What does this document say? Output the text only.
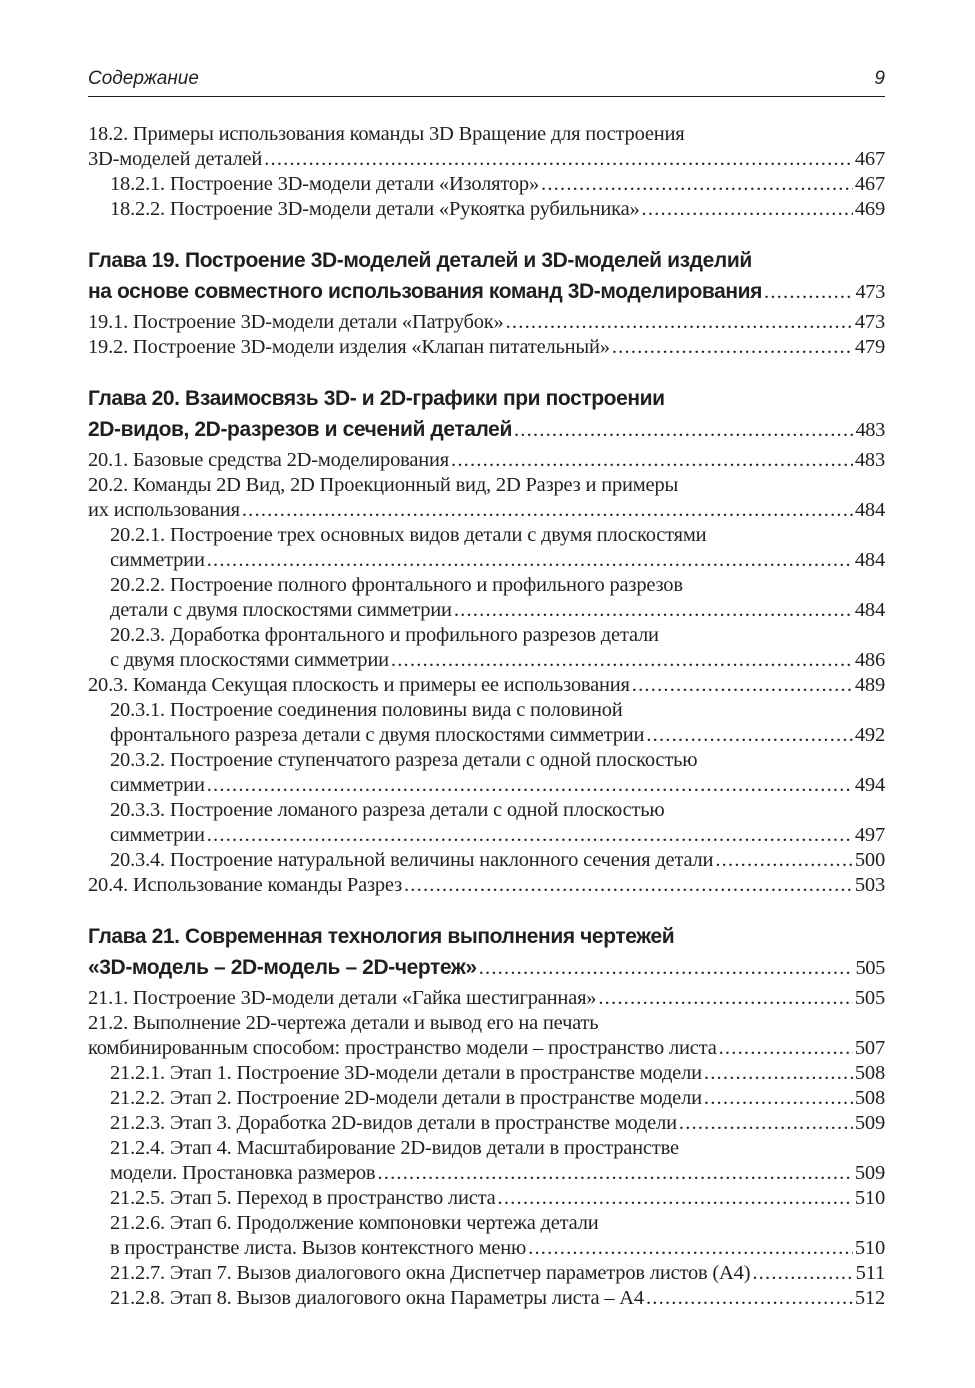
Содержание	9
18.2. Примеры использования команды 3D Вращение для построения
3D-моделей деталей .....	467
18.2.1. Построение 3D-модели детали «Изолятор» .....	467
18.2.2. Построение 3D-модели детали «Рукоятка рубильника» .....	469
Глава 19. Построение 3D-моделей деталей и 3D-моделей изделий
на основе совместного использования команд 3D-моделирования .....	473
19.1. Построение 3D-модели детали «Патрубок» .....	473
19.2. Построение 3D-модели изделия «Клапан питательный» .....	479
Глава 20. Взаимосвязь 3D- и 2D-графики при построении
2D-видов, 2D-разрезов и сечений деталей .....	483
20.1. Базовые средства 2D-моделирования .....	483
20.2. Команды 2D Вид, 2D Проекционный вид, 2D Разрез и примеры
их использования .....	484
20.2.1. Построение трех основных видов детали с двумя плоскостями
симметрии .....	484
20.2.2. Построение полного фронтального и профильного разрезов
детали с двумя плоскостями симметрии .....	484
20.2.3. Доработка фронтального и профильного разрезов детали
с двумя плоскостями симметрии .....	486
20.3. Команда Секущая плоскость и примеры ее использования .....	489
20.3.1. Построение соединения половины вида с половиной
фронтального разреза детали с двумя плоскостями симметрии .....	492
20.3.2. Построение ступенчатого разреза детали с одной плоскостью
симметрии .....	494
20.3.3. Построение ломаного разреза детали с одной плоскостью
симметрии .....	497
20.3.4. Построение натуральной величины наклонного сечения детали .....	500
20.4. Использование команды Разрез .....	503
Глава 21. Современная технология выполнения чертежей
«3D-модель – 2D-модель – 2D-чертеж» .....	505
21.1. Построение 3D-модели детали «Гайка шестигранная» .....	505
21.2. Выполнение 2D-чертежа детали и вывод его на печать
комбинированным способом: пространство модели – пространство листа .....	507
21.2.1. Этап 1. Построение 3D-модели детали в пространстве модели .....	508
21.2.2. Этап 2. Построение 2D-модели детали в пространстве модели .....	508
21.2.3. Этап 3. Доработка 2D-видов детали в пространстве модели .....	509
21.2.4. Этап 4. Масштабирование 2D-видов детали в пространстве
модели. Простановка размеров .....	509
21.2.5. Этап 5. Переход в пространство листа .....	510
21.2.6. Этап 6. Продолжение компоновки чертежа детали
в пространстве листа. Вызов контекстного меню .....	510
21.2.7. Этап 7. Вызов диалогового окна Диспетчер параметров листов (A4) .....	511
21.2.8. Этап 8. Вызов диалогового окна Параметры листа – A4 .....	512
